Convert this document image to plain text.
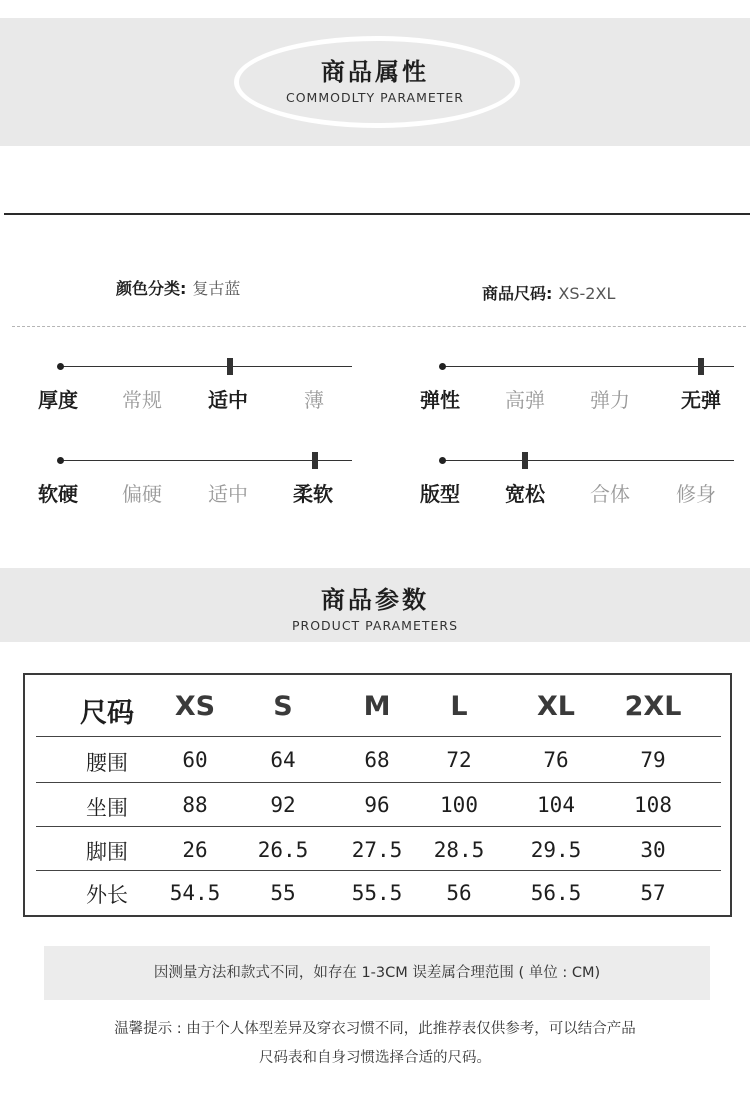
商品属性
COMMODLTY PARAMETER
颜色分类: 复古蓝	商品尺码: XS-2XL
厚度	常规	适中	薄	弹性	高弹	弹力	无弹
软硬	偏硬	适中	柔软	版型	宽松	合体	修身
商品参数
PRODUCT PARAMETERS
尺码	XS	S	M	L	XL	2XL
腰围	60	64	68	72	76	79
坐围	88	92	96	100	104	108
脚围	26	26.5	27.5	28.5	29.5	30
外长	54.5	55	55.5	56	56.5	57
因测量方法和款式不同，如存在 1-3CM 误差属合理范围 ( 单位 : CM)
温馨提示 : 由于个人体型差异及穿衣习惯不同，此推荐表仅供参考，可以结合产品
尺码表和自身习惯选择合适的尺码。
